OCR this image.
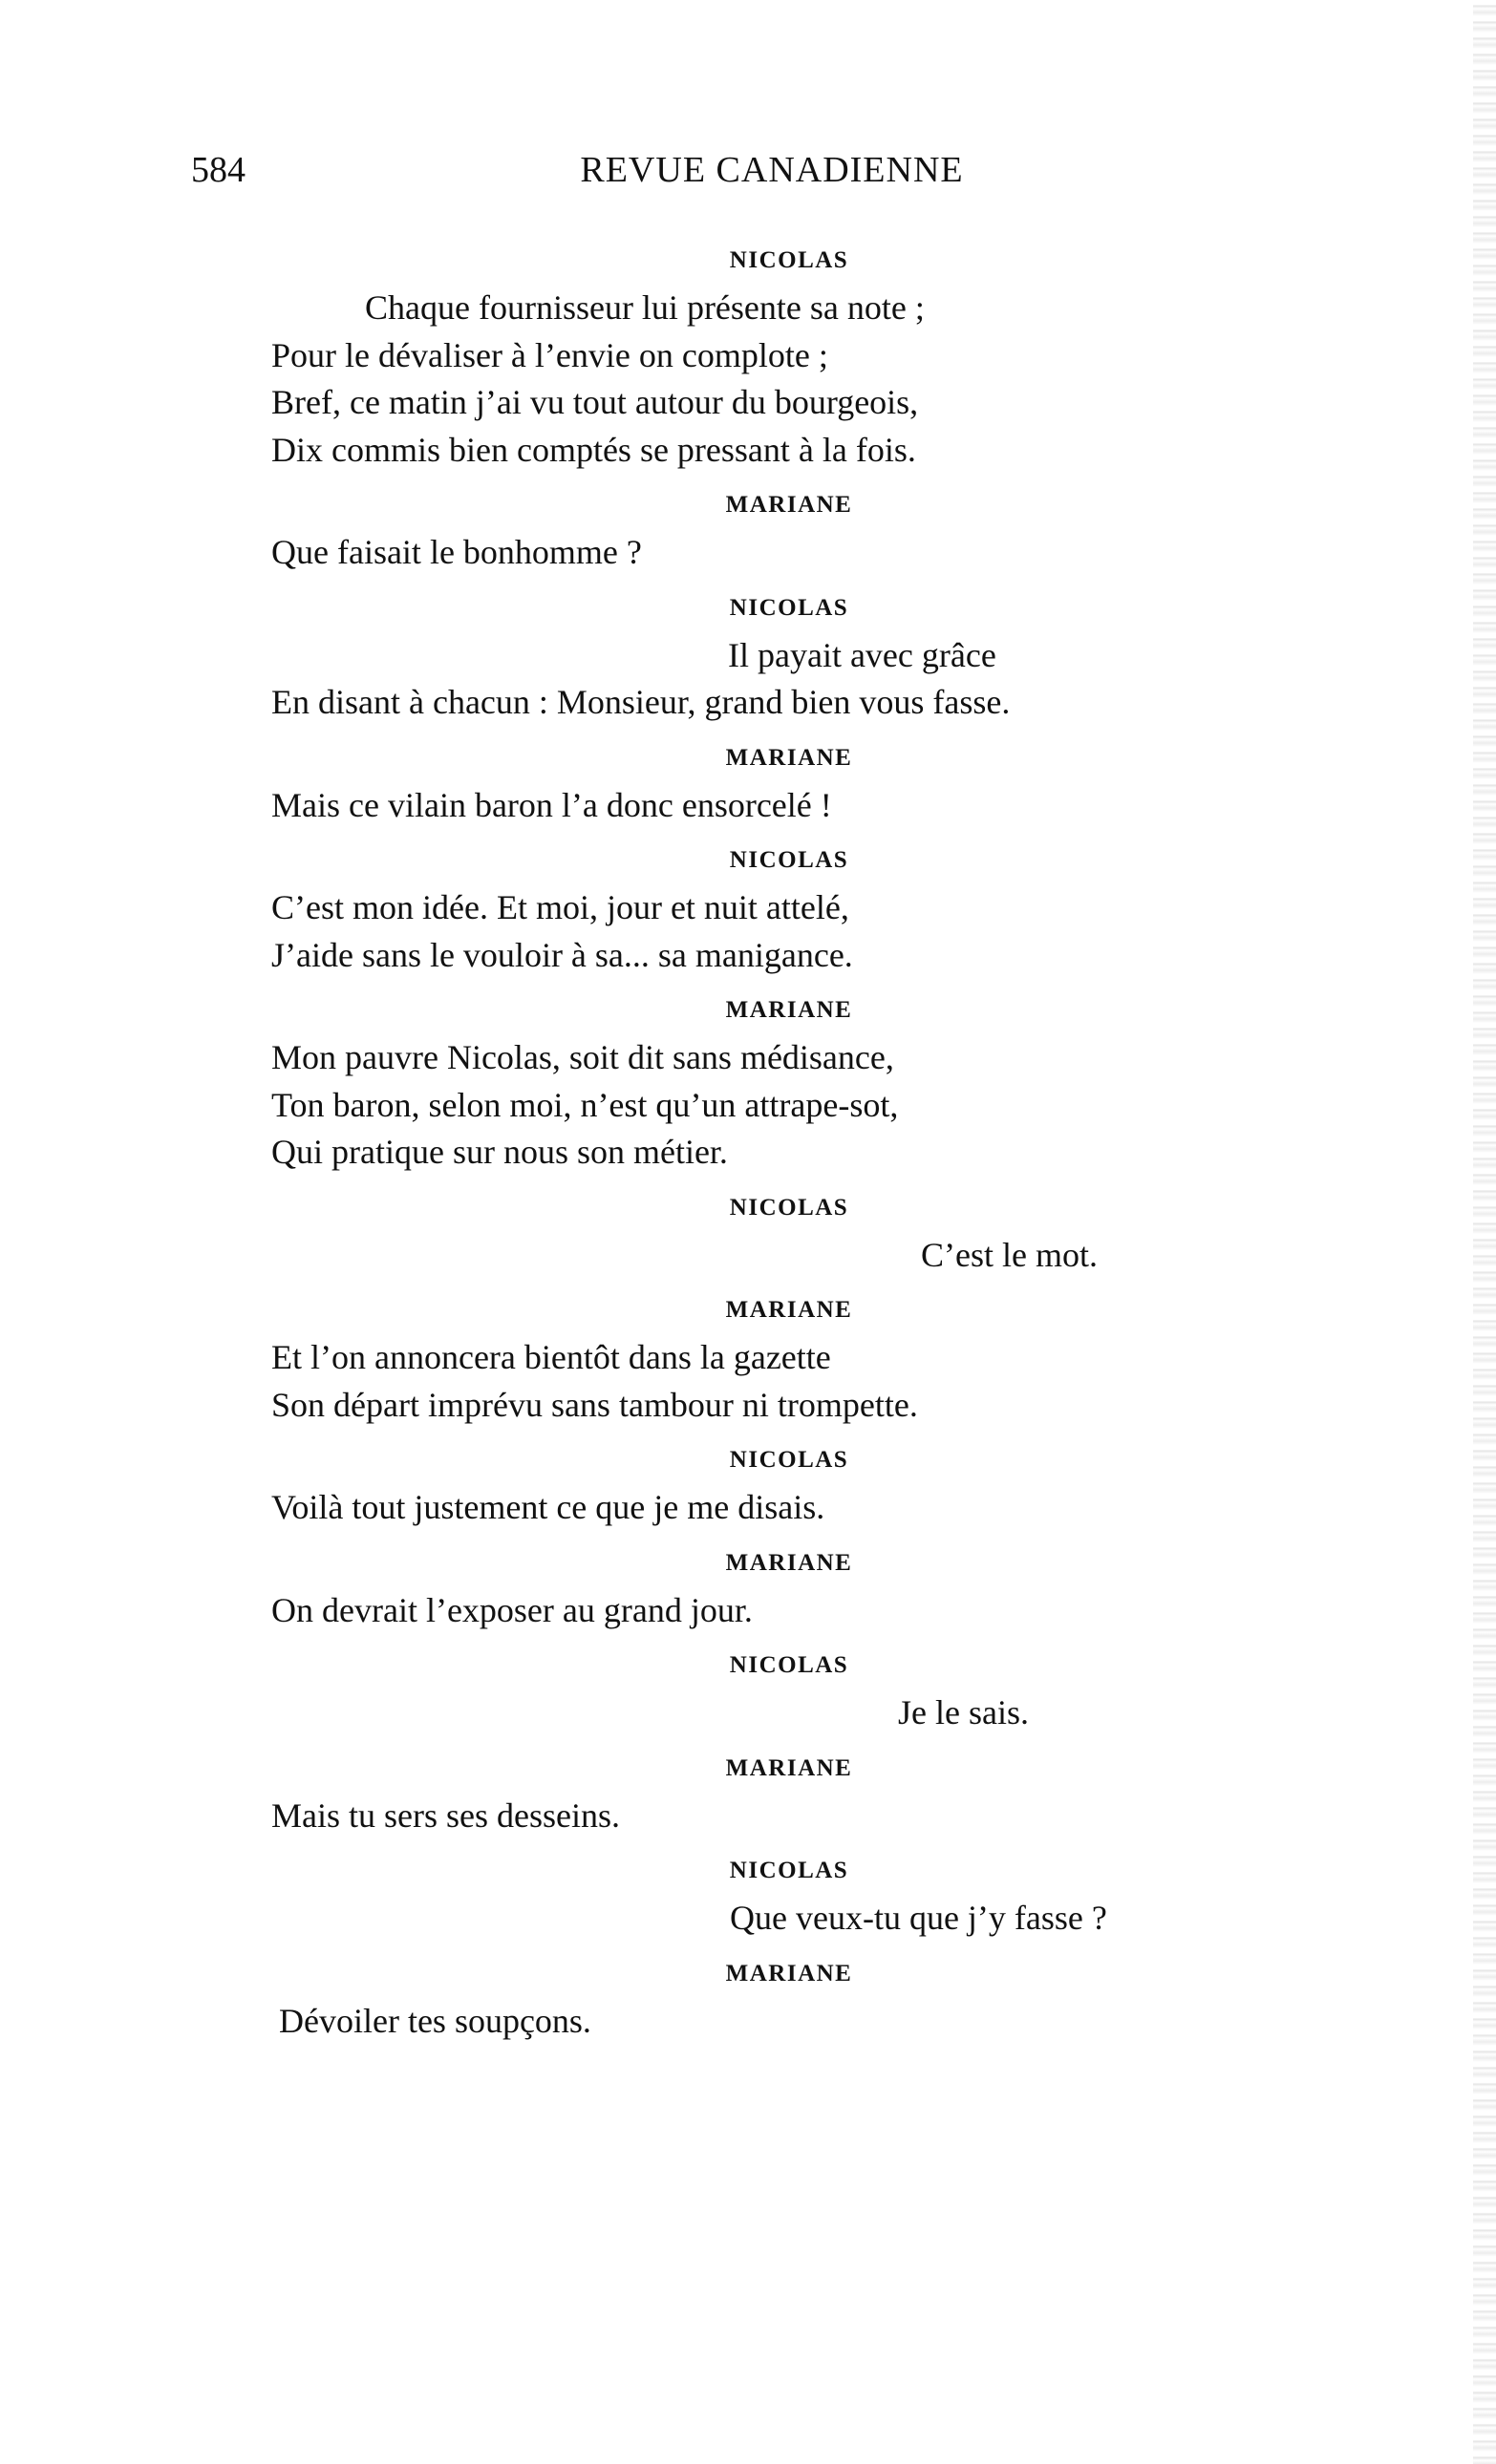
584	REVUE CANADIENNE
NICOLAS
Chaque fournisseur lui présente sa note ;
Pour le dévaliser à l’envie on complote ;
Bref, ce matin j’ai vu tout autour du bourgeois,
Dix commis bien comptés se pressant à la fois.
MARIANE
Que faisait le bonhomme ?
NICOLAS
Il payait avec grâce
En disant à chacun : Monsieur, grand bien vous fasse.
MARIANE
Mais ce vilain baron l’a donc ensorcelé !
NICOLAS
C’est mon idée. Et moi, jour et nuit attelé,
J’aide sans le vouloir à sa... sa manigance.
MARIANE
Mon pauvre Nicolas, soit dit sans médisance,
Ton baron, selon moi, n’est qu’un attrape-sot,
Qui pratique sur nous son métier.
NICOLAS
C’est le mot.
MARIANE
Et l’on annoncera bientôt dans la gazette
Son départ imprévu sans tambour ni trompette.
NICOLAS
Voilà tout justement ce que je me disais.
MARIANE
On devrait l’exposer au grand jour.
NICOLAS
Je le sais.
MARIANE
Mais tu sers ses desseins.
NICOLAS
Que veux-tu que j’y fasse ?
MARIANE
Dévoiler tes soupçons.
